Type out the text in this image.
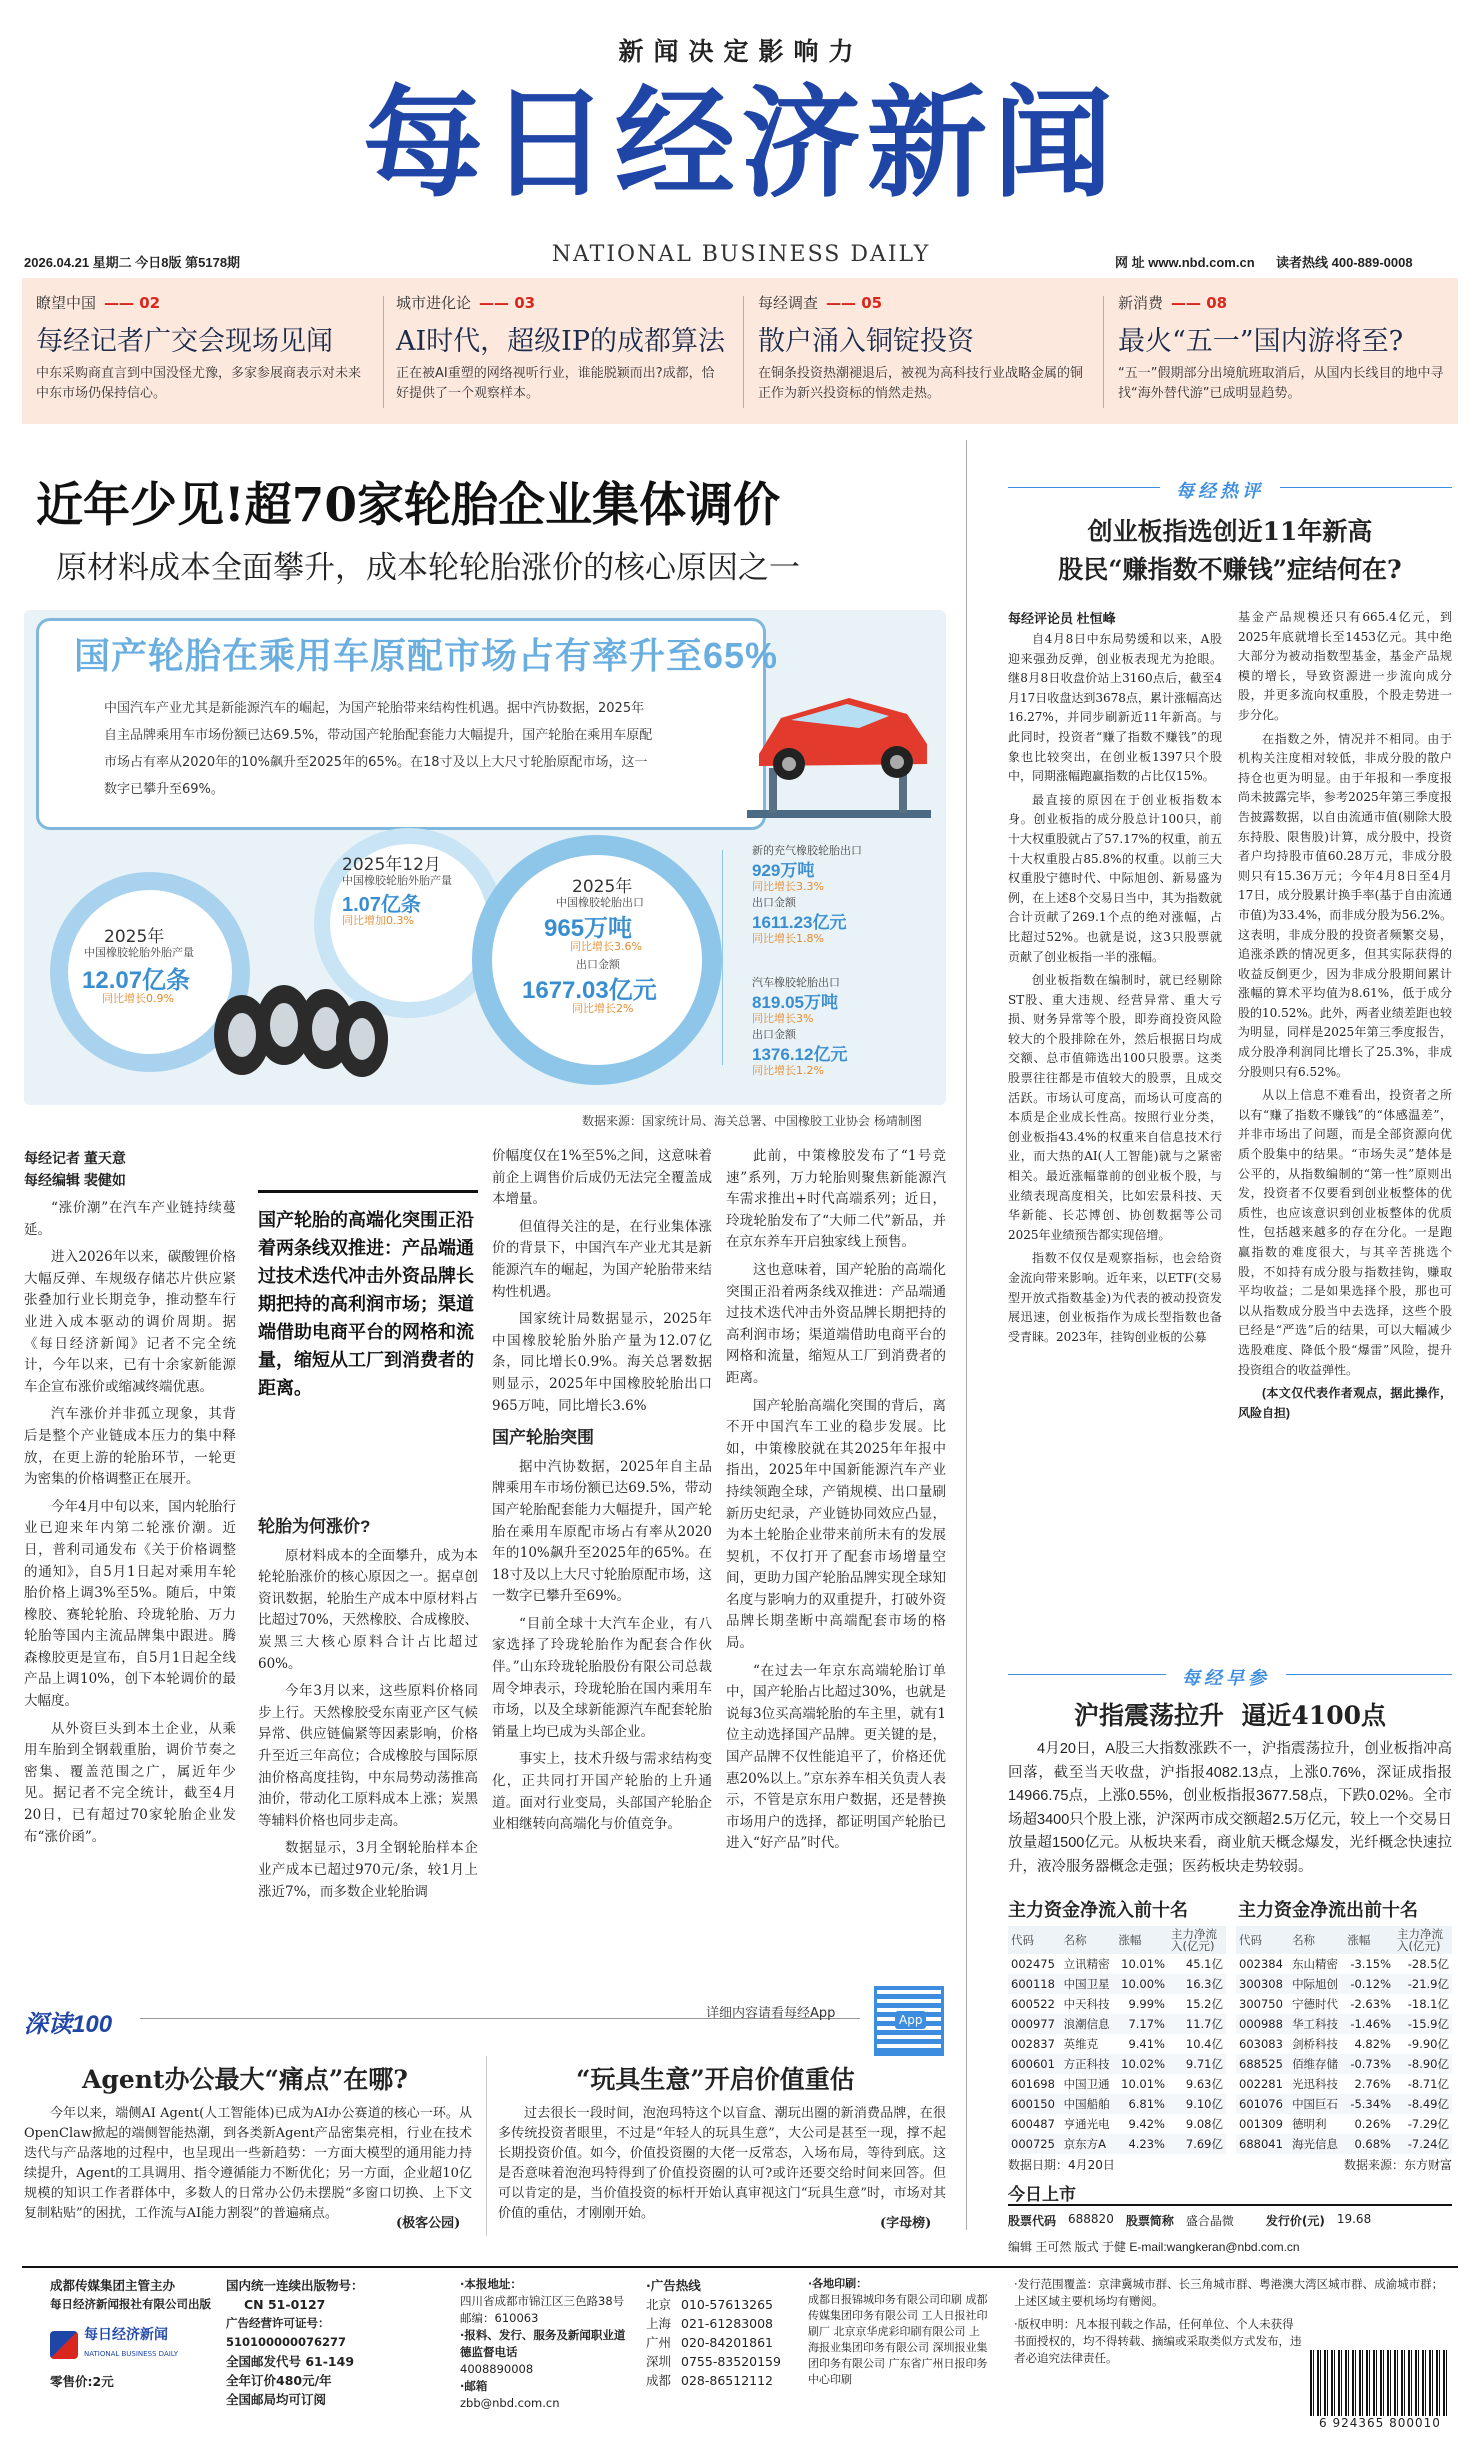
新闻决定影响力
每日经济新闻
2026.04.21 星期二 今日8版 第5178期	NATIONAL BUSINESS DAILY	网 址 www.nbd.com.cn 读者热线 400-889-0008
瞭望中国 —— 02
每经记者广交会现场见闻
中东采购商直言到中国没怪尤豫，多家参展商表示对未来中东市场仍保持信心。
城市进化论 —— 03
AI时代，超级IP的成都算法
正在被AI重塑的网络视听行业，谁能脱颖而出?成都，恰好提供了一个观察样本。
每经调查 —— 05
散户涌入铜锭投资
在铜条投资热潮褪退后，被视为高科技行业战略金属的铜正作为新兴投资标的悄然走热。
新消费 —— 08
最火“五一”国内游将至?
“五一”假期部分出境航班取消后，从国内长线目的地中寻找“海外替代游”已成明显趋势。
近年少见!超70家轮胎企业集体调价
原材料成本全面攀升，成本轮轮胎涨价的核心原因之一
国产轮胎在乘用车原配市场占有率升至65%
中国汽车产业尤其是新能源汽车的崛起，为国产轮胎带来结构性机遇。据中汽协数据，2025年自主品牌乘用车市场份额已达69.5%，带动国产轮胎配套能力大幅提升，国产轮胎在乘用车原配市场占有率从2020年的10%飙升至2025年的65%。在18寸及以上大尺寸轮胎原配市场，这一数字已攀升至69%。
2025年12月
中国橡胶轮胎外胎产量
1.07亿条
同比增加0.3%
2025年
中国橡胶轮胎外胎产量
12.07亿条
同比增长0.9%
2025年
中国橡胶轮胎出口
965万吨
同比增长3.6%
出口金额
1677.03亿元
同比增长2%
新的充气橡胶轮胎出口
929万吨
同比增长3.3%
出口金额
1611.23亿元
同比增长1.8%
汽车橡胶轮胎出口
819.05万吨
同比增长3%
出口金额
1376.12亿元
同比增长1.2%
数据来源：国家统计局、海关总署、中国橡胶工业协会 杨靖制图
每经记者 董天意
每经编辑 裴健如

“涨价潮”在汽车产业链持续蔓延。

进入2026年以来，碳酸锂价格大幅反弹、车规级存储芯片供应紧张叠加行业长期竞争，推动整车行业进入成本驱动的调价周期。据《每日经济新闻》记者不完全统计，今年以来，已有十余家新能源车企宣布涨价或缩减终端优惠。

汽车涨价并非孤立现象，其背后是整个产业链成本压力的集中释放，在更上游的轮胎环节，一轮更为密集的价格调整正在展开。

今年4月中旬以来，国内轮胎行业已迎来年内第二轮涨价潮。近日，普利司通发布《关于价格调整的通知》，自5月1日起对乘用车轮胎价格上调3%至5%。随后，中策橡胶、赛轮轮胎、玲珑轮胎、万力轮胎等国内主流品牌集中跟进。腾森橡胶更是宣布，自5月1日起全线产品上调10%，创下本轮调价的最大幅度。

从外资巨头到本土企业，从乘用车胎到全钢载重胎，调价节奏之密集、覆盖范围之广，属近年少见。据记者不完全统计，截至4月20日，已有超过70家轮胎企业发布“涨价函”。

国产轮胎的高端化突围正沿着两条线双推进：产品端通过技术迭代冲击外资品牌长期把持的高利润市场；渠道端借助电商平台的网格和流量，缩短从工厂到消费者的距离。

轮胎为何涨价?

原材料成本的全面攀升，成为本轮轮胎涨价的核心原因之一。据卓创资讯数据，轮胎生产成本中原材料占比超过70%，天然橡胶、合成橡胶、炭黑三大核心原料合计占比超过60%。

今年3月以来，这些原料价格同步上行。天然橡胶受东南亚产区气候异常、供应链偏紧等因素影响，价格升至近三年高位；合成橡胶与国际原油价格高度挂钩，中东局势动荡推高油价，带动化工原料成本上涨；炭黑等辅料价格也同步走高。

数据显示，3月全钢轮胎样本企业产成本已超过970元/条，较1月上涨近7%，而多数企业轮胎调

价幅度仅在1%至5%之间，这意味着前企上调售价后成仍无法完全覆盖成本增量。

但值得关注的是，在行业集体涨价的背景下，中国汽车产业尤其是新能源汽车的崛起，为国产轮胎带来结构性机遇。

国家统计局数据显示，2025年中国橡胶轮胎外胎产量为12.07亿条，同比增长0.9%。海关总署数据则显示，2025年中国橡胶轮胎出口965万吨，同比增长3.6%

国产轮胎突围

据中汽协数据，2025年自主品牌乘用车市场份额已达69.5%，带动国产轮胎配套能力大幅提升，国产轮胎在乘用车原配市场占有率从2020年的10%飙升至2025年的65%。在18寸及以上大尺寸轮胎原配市场，这一数字已攀升至69%。

“目前全球十大汽车企业，有八家选择了玲珑轮胎作为配套合作伙伴。”山东玲珑轮胎股份有限公司总裁周令坤表示，玲珑轮胎在国内乘用车市场，以及全球新能源汽车配套轮胎销量上均已成为头部企业。

事实上，技术升级与需求结构变化，正共同打开国产轮胎的上升通道。面对行业变局，头部国产轮胎企业相继转向高端化与价值竞争。

此前，中策橡胶发布了“1号竞速”系列，万力轮胎则聚焦新能源汽车需求推出+时代高端系列；近日，玲珑轮胎发布了“大师二代”新品，并在京东养车开启独家线上预售。

这也意味着，国产轮胎的高端化突围正沿着两条线双推进：产品端通过技术迭代冲击外资品牌长期把持的高利润市场；渠道端借助电商平台的网格和流量，缩短从工厂到消费者的距离。

国产轮胎高端化突围的背后，离不开中国汽车工业的稳步发展。比如，中策橡胶就在其2025年年报中指出，2025年中国新能源汽车产业持续领跑全球，产销规模、出口量刷新历史纪录，产业链协同效应凸显，为本土轮胎企业带来前所未有的发展契机，不仅打开了配套市场增量空间，更助力国产轮胎品牌实现全球知名度与影响力的双重提升，打破外资品牌长期垄断中高端配套市场的格局。

“在过去一年京东高端轮胎订单中，国产轮胎占比超过30%，也就是说每3位买高端轮胎的车主里，就有1位主动选择国产品牌。更关键的是，国产品牌不仅性能追平了，价格还优惠20%以上。”京东养车相关负责人表示，不管是京东用户数据，还是替换市场用户的选择，都证明国产轮胎已进入“好产品”时代。

深读100	详细内容请看每经App	App
Agent办公最大“痛点”在哪?
今年以来，端侧AI Agent(人工智能体)已成为AI办公赛道的核心一环。从OpenClaw掀起的端侧智能热潮，到各类新Agent产品密集亮相，行业在技术迭代与产品落地的过程中，也呈现出一些新趋势：一方面大模型的通用能力持续提升，Agent的工具调用、指令遵循能力不断优化；另一方面，企业超10亿规模的知识工作者群体中，多数人的日常办公仍未摆脱“多窗口切换、上下文复制粘贴”的困扰，工作流与AI能力割裂”的普遍痛点。
(极客公园)
“玩具生意”开启价值重估
过去很长一段时间，泡泡玛特这个以盲盒、潮玩出圈的新消费品牌，在很多传统投资者眼里，不过是“年轻人的玩具生意”，大公司是甚至一现，撑不起长期投资价值。如今，价值投资圈的大佬一反常态，入场布局，等待到底。这是否意味着泡泡玛特得到了价值投资圈的认可?或许还要交给时间来回答。但可以肯定的是，当价值投资的标杆开始认真审视这门“玩具生意”时，市场对其价值的重估，才刚刚开始。
(字母榜)
每经热评
创业板指选创近11年新高
股民“赚指数不赚钱”症结何在?
每经评论员 杜恒峰

自4月8日中东局势缓和以来，A股迎来强劲反弹，创业板表现尤为抢眼。继8月8日收盘价站上3160点后，截至4月17日收盘达到3678点，累计涨幅高达16.27%，并同步刷新近11年新高。与此同时，投资者“赚了指数不赚钱”的现象也比较突出，在创业板1397只个股中，同期涨幅跑赢指数的占比仅15%。

最直接的原因在于创业板指数本身。创业板指的成分股总计100只，前十大权重股就占了57.17%的权重，前五十大权重股占85.8%的权重。以前三大权重股宁德时代、中际旭创、新易盛为例，在上述8个交易日当中，其为指数就合计贡献了269.1个点的绝对涨幅，占比超过52%。也就是说，这3只股票就贡献了创业板指一半的涨幅。

创业板指数在编制时，就已经剔除ST股、重大违规、经营异常、重大亏损、财务异常等个股，即券商投资风险较大的个股排除在外，然后根据日均成交额、总市值筛选出100只股票。这类股票往往都是市值较大的股票，且成交活跃。市场认可度高，而场认可度高的本质是企业成长性高。按照行业分类，创业板指43.4%的权重来自信息技术行业，而大热的AI(人工智能)就与之紧密相关。最近涨幅靠前的创业板个股，与业绩表现高度相关，比如宏景科技、天华新能、长芯博创、协创数据等公司2025年业绩预告都实现倍增。

指数不仅仅是观察指标，也会给资金流向带来影响。近年来，以ETF(交易型开放式指数基金)为代表的被动投资发展迅速，创业板指作为成长型指数也备受青睐。2023年，挂钩创业板的公募

基金产品规模还只有665.4亿元，到2025年底就增长至1453亿元。其中绝大部分为被动指数型基金，基金产品规模的增长，导致资源进一步流向成分股，并更多流向权重股，个股走势进一步分化。

在指数之外，情况并不相同。由于机构关注度相对较低，非成分股的散户持仓也更为明显。由于年报和一季度报尚未披露完毕，参考2025年第三季度报告披露数据，以自由流通市值(剔除大股东持股、限售股)计算，成分股中，投资者户均持股市值60.28万元，非成分股则只有15.36万元；今年4月8日至4月17日，成分股累计换手率(基于自由流通市值)为33.4%，而非成分股为56.2%。这表明，非成分股的投资者频繁交易，追涨杀跌的情况更多，但其实际获得的收益反倒更少，因为非成分股期间累计涨幅的算术平均值为8.61%，低于成分股的10.52%。此外，两者业绩差距也较为明显，同样是2025年第三季度报告，成分股净利润同比增长了25.3%，非成分股则只有6.52%。

从以上信息不难看出，投资者之所以有“赚了指数不赚钱”的“体感温差”，并非市场出了问题，而是全部资源向优质个股集中的结果。“市场失灵”楚体是公平的，从指数编制的“第一性”原则出发，投资者不仅要看到创业板整体的优质性，也应该意识到创业板整体的优质性，包括越来越多的存在分化。一是跑赢指数的难度很大，与其辛苦挑选个股，不如持有成分股与指数挂钩，赚取平均收益；二是如果选择个股，那也可以从指数成分股当中去选择，这些个股已经是“严选”后的结果，可以大幅减少选股难度、降低个股“爆雷”风险，提升投资组合的收益弹性。

(本文仅代表作者观点，据此操作，风险自担)

每经早参
沪指震荡拉升  逼近4100点
4月20日，A股三大指数涨跌不一，沪指震荡拉升，创业板指冲高回落，截至当天收盘，沪指报4082.13点，上涨0.76%，深证成指报14966.75点，上涨0.55%，创业板指报3677.58点，下跌0.02%。全市场超3400只个股上涨，沪深两市成交额超2.5万亿元，较上一个交易日放量超1500亿元。从板块来看，商业航天概念爆发，光纤概念快速拉升，液冷服务器概念走强；医药板块走势较弱。
主力资金净流入前十名
代码	名称	涨幅	主力净流入(亿元)
002475	立讯精密	10.01%	45.1亿
600118	中国卫星	10.00%	16.3亿
600522	中天科技	9.99%	15.2亿
000977	浪潮信息	7.17%	11.7亿
002837	英维克	9.41%	10.4亿
600601	方正科技	10.02%	9.71亿
601698	中国卫通	10.01%	9.63亿
600150	中国船舶	6.81%	9.10亿
600487	亨通光电	9.42%	9.08亿
000725	京东方A	4.23%	7.69亿
数据日期：4月20日
主力资金净流出前十名
代码	名称	涨幅	主力净流入(亿元)
002384	东山精密	-3.15%	-28.5亿
300308	中际旭创	-0.12%	-21.9亿
300750	宁德时代	-2.63%	-18.1亿
000988	华工科技	-1.46%	-15.9亿
603083	剑桥科技	4.82%	-9.90亿
688525	佰维存储	-0.73%	-8.90亿
002281	光迅科技	2.76%	-8.71亿
601076	中国巨石	-5.34%	-8.49亿
001309	德明利	0.26%	-7.29亿
688041	海光信息	0.68%	-7.24亿
数据来源：东方财富
今日上市
股票代码 688820 股票简称 盛合晶微	发行价(元) 19.68
编辑 王可然 版式 于健 E-mail:wangkeran@nbd.com.cn
成都传媒集团主管主办
每日经济新闻报社有限公司出版
每日经济新闻
NATIONAL BUSINESS DAILY
零售价:2元
国内统一连续出版物号：
CN 51-0127
广告经营许可证号：510100000076277
全国邮发代号 61-149
全年订价480元/年
全国邮局均可订阅
·本报地址：
四川省成都市锦江区三色路38号
邮编：610063
·报料、发行、服务及新闻职业道德监督电话
4008890008
·邮箱
zbb@nbd.com.cn
·广告热线
北京 010-57613265
上海 021-61283008
广州 020-84201861
深圳 0755-83520159
成都 028-86512112
·各地印刷：
成都日报锦城印务有限公司印刷 成都传媒集团印务有限公司 工人日报社印刷厂 北京京华虎彩印刷有限公司 上海报业集团印务有限公司 深圳报业集团印务有限公司 广东省广州日报印务中心印刷
·发行范围覆盖：京津冀城市群、长三角城市群、粤港澳大湾区城市群、成渝城市群；上述区域主要机场均有赠阅。
·版权申明：凡本报刊载之作品，任何单位、个人未获得书面授权的，均不得转载、摘编或采取类似方式发布，违者必追究法律责任。
6 924365 800010
